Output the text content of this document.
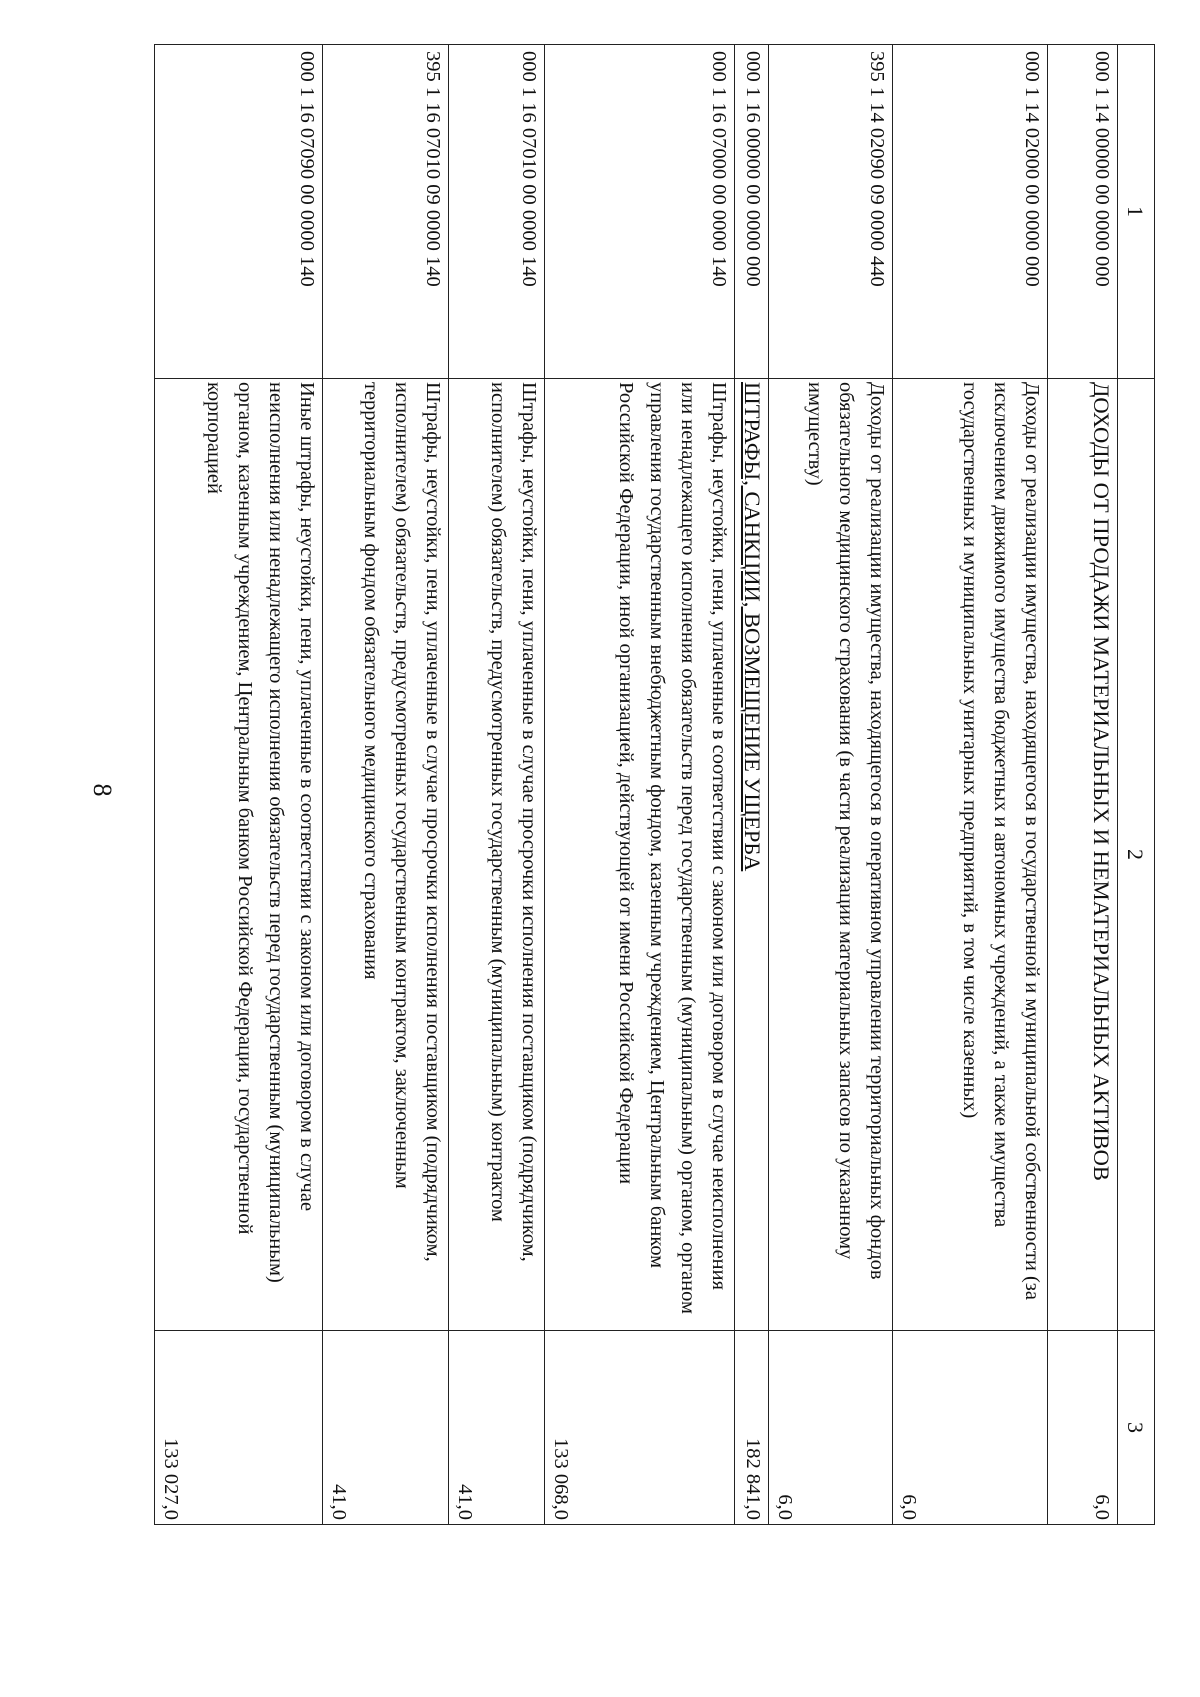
8
1	2	3
000 1 14 00000 00 0000 000	ДОХОДЫ ОТ ПРОДАЖИ МАТЕРИАЛЬНЫХ И НЕМАТЕРИАЛЬНЫХ АКТИВОВ	6,0
000 1 14 02000 00 0000 000	Доходы от реализации имущества, находящегося в государственной и муниципальной собственности (за исключением движимого имущества бюджетных и автономных учреждений, а также имущества государственных и муниципальных унитарных предприятий, в том числе казенных)	6,0
395 1 14 02090 09 0000 440	Доходы от реализации имущества, находящегося в оперативном управлении территориальных фондов обязательного медицинского страхования (в части реализации материальных запасов по указанному имуществу)	6,0
000 1 16 00000 00 0000 000	ШТРАФЫ, САНКЦИИ, ВОЗМЕЩЕНИЕ УЩЕРБА	182 841,0
000 1 16 07000 00 0000 140	Штрафы, неустойки, пени, уплаченные в соответствии с законом или договором в случае неисполнения или ненадлежащего исполнения обязательств перед государственным (муниципальным) органом, органом управления государственным внебюджетным фондом, казенным учреждением, Центральным банком Российской Федерации, иной организацией, действующей от имени Российской Федерации	133 068,0
000 1 16 07010 00 0000 140	Штрафы, неустойки, пени, уплаченные в случае просрочки исполнения поставщиком (подрядчиком, исполнителем) обязательств, предусмотренных государственным (муниципальным) контрактом	41,0
395 1 16 07010 09 0000 140	Штрафы, неустойки, пени, уплаченные в случае просрочки исполнения поставщиком (подрядчиком, исполнителем) обязательств, предусмотренных государственным контрактом, заключенным территориальным фондом обязательного медицинского страхования	41,0
000 1 16 07090 00 0000 140	Иные штрафы, неустойки, пени, уплаченные в соответствии с законом или договором в случае неисполнения или ненадлежащего исполнения обязательств перед государственным (муниципальным) органом, казенным учреждением, Центральным банком Российской Федерации, государственной корпорацией	133 027,0
